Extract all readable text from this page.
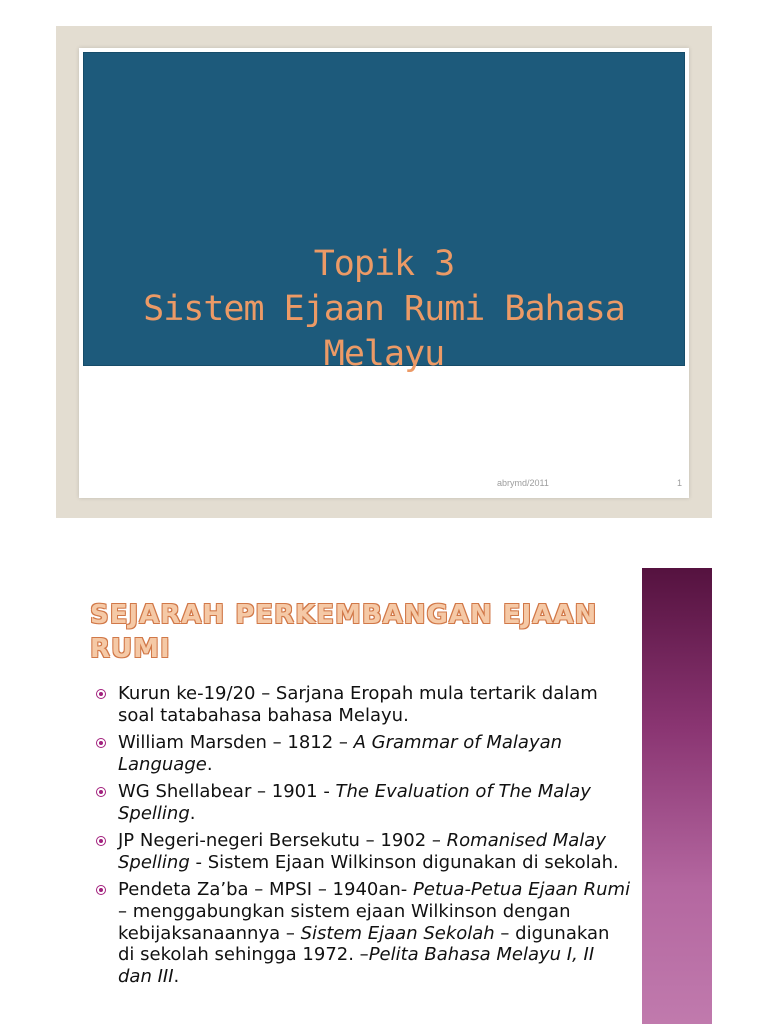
Topik 3
Sistem Ejaan Rumi Bahasa
Melayu
abrymd/2011	1
SEJARAH PERKEMBANGAN EJAAN
RUMI
Kurun ke-19/20 – Sarjana Eropah mula tertarik dalam soal tatabahasa bahasa Melayu.
William Marsden – 1812 – A Grammar of Malayan Language.
WG Shellabear – 1901 - The Evaluation of The Malay Spelling.
JP Negeri-negeri Bersekutu – 1902 – Romanised Malay Spelling - Sistem Ejaan Wilkinson digunakan di sekolah.
Pendeta Za’ba – MPSI – 1940an- Petua-Petua Ejaan Rumi – menggabungkan sistem ejaan Wilkinson dengan kebijaksanaannya – Sistem Ejaan Sekolah – digunakan di sekolah sehingga 1972. –Pelita Bahasa Melayu I, II dan III.
